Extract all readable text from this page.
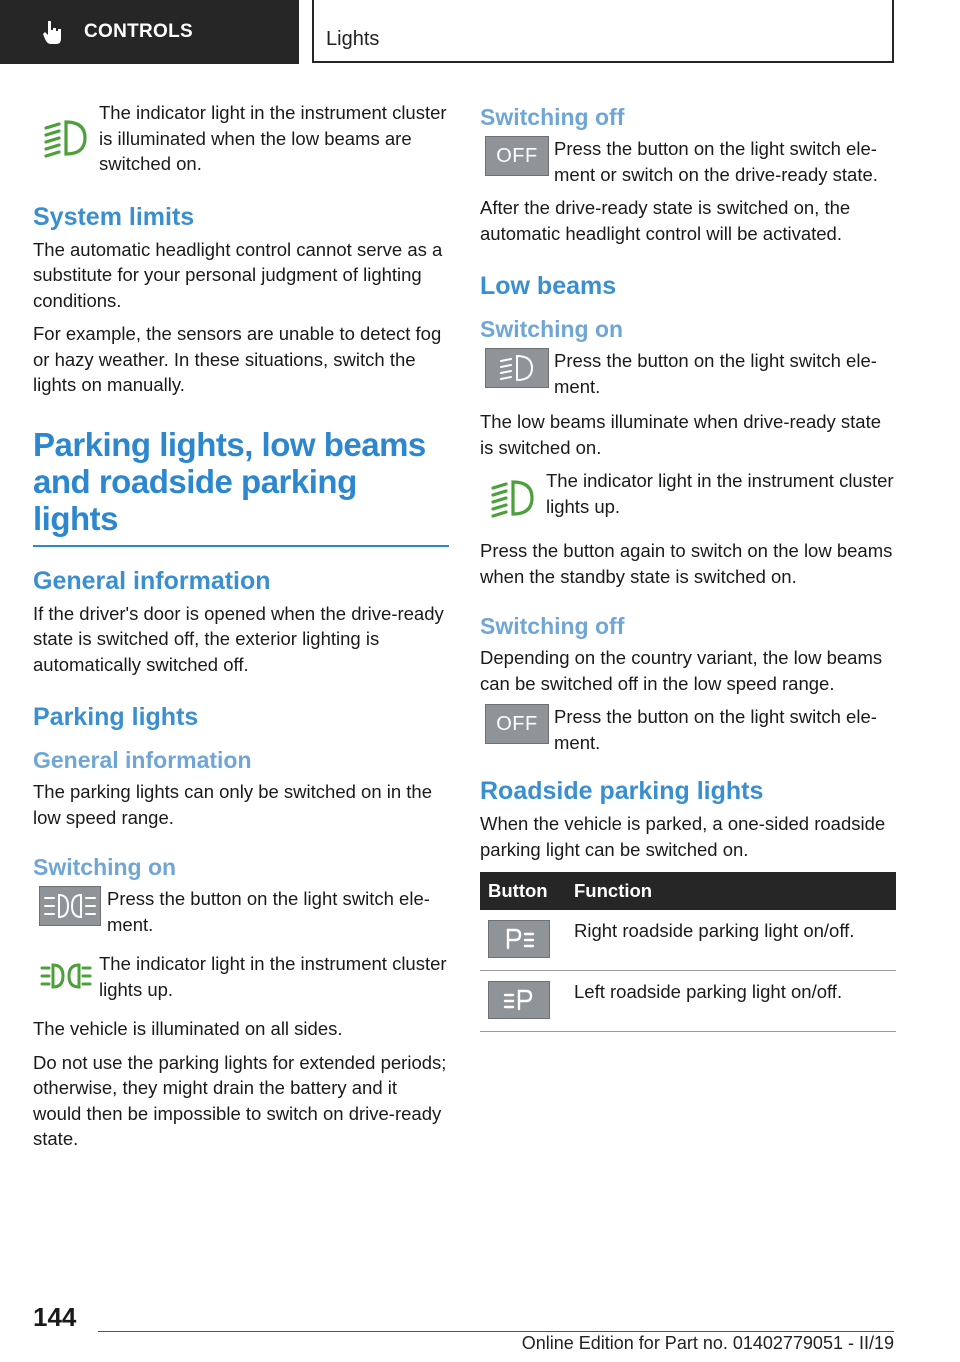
CONTROLS	Lights

The indicator light in the instrument cluster is illuminated when the low beams are switched on.

System limits

The automatic headlight control cannot serve as a substitute for your personal judgment of lighting conditions.

For example, the sensors are unable to detect fog or hazy weather. In these situations, switch the lights on manually.

Parking lights, low beams and roadside parking lights
General information

If the driver's door is opened when the drive-ready state is switched off, the exterior lighting is automatically switched off.

Parking lights
General information

The parking lights can only be switched on in the low speed range.

Switching on

Press the button on the light switch element.

The indicator light in the instrument cluster lights up.

The vehicle is illuminated on all sides.

Do not use the parking lights for extended periods; otherwise, they might drain the battery and it would then be impossible to switch on drive-ready state.

Switching off
OFF Press the button on the light switch element or switch on the drive-ready state.

After the drive-ready state is switched on, the automatic headlight control will be activated.

Low beams
Switching on

Press the button on the light switch element.

The low beams illuminate when drive-ready state is switched on.

The indicator light in the instrument cluster lights up.

Press the button again to switch on the low beams when the standby state is switched on.

Switching off

Depending on the country variant, the low beams can be switched off in the low speed range.

OFF Press the button on the light switch element.

Roadside parking lights

When the vehicle is parked, a one-sided roadside parking light can be switched on.

Button	Function

	Right roadside parking light on/off.

	Left roadside parking light on/off.
144
Online Edition for Part no. 01402779051 - II/19
